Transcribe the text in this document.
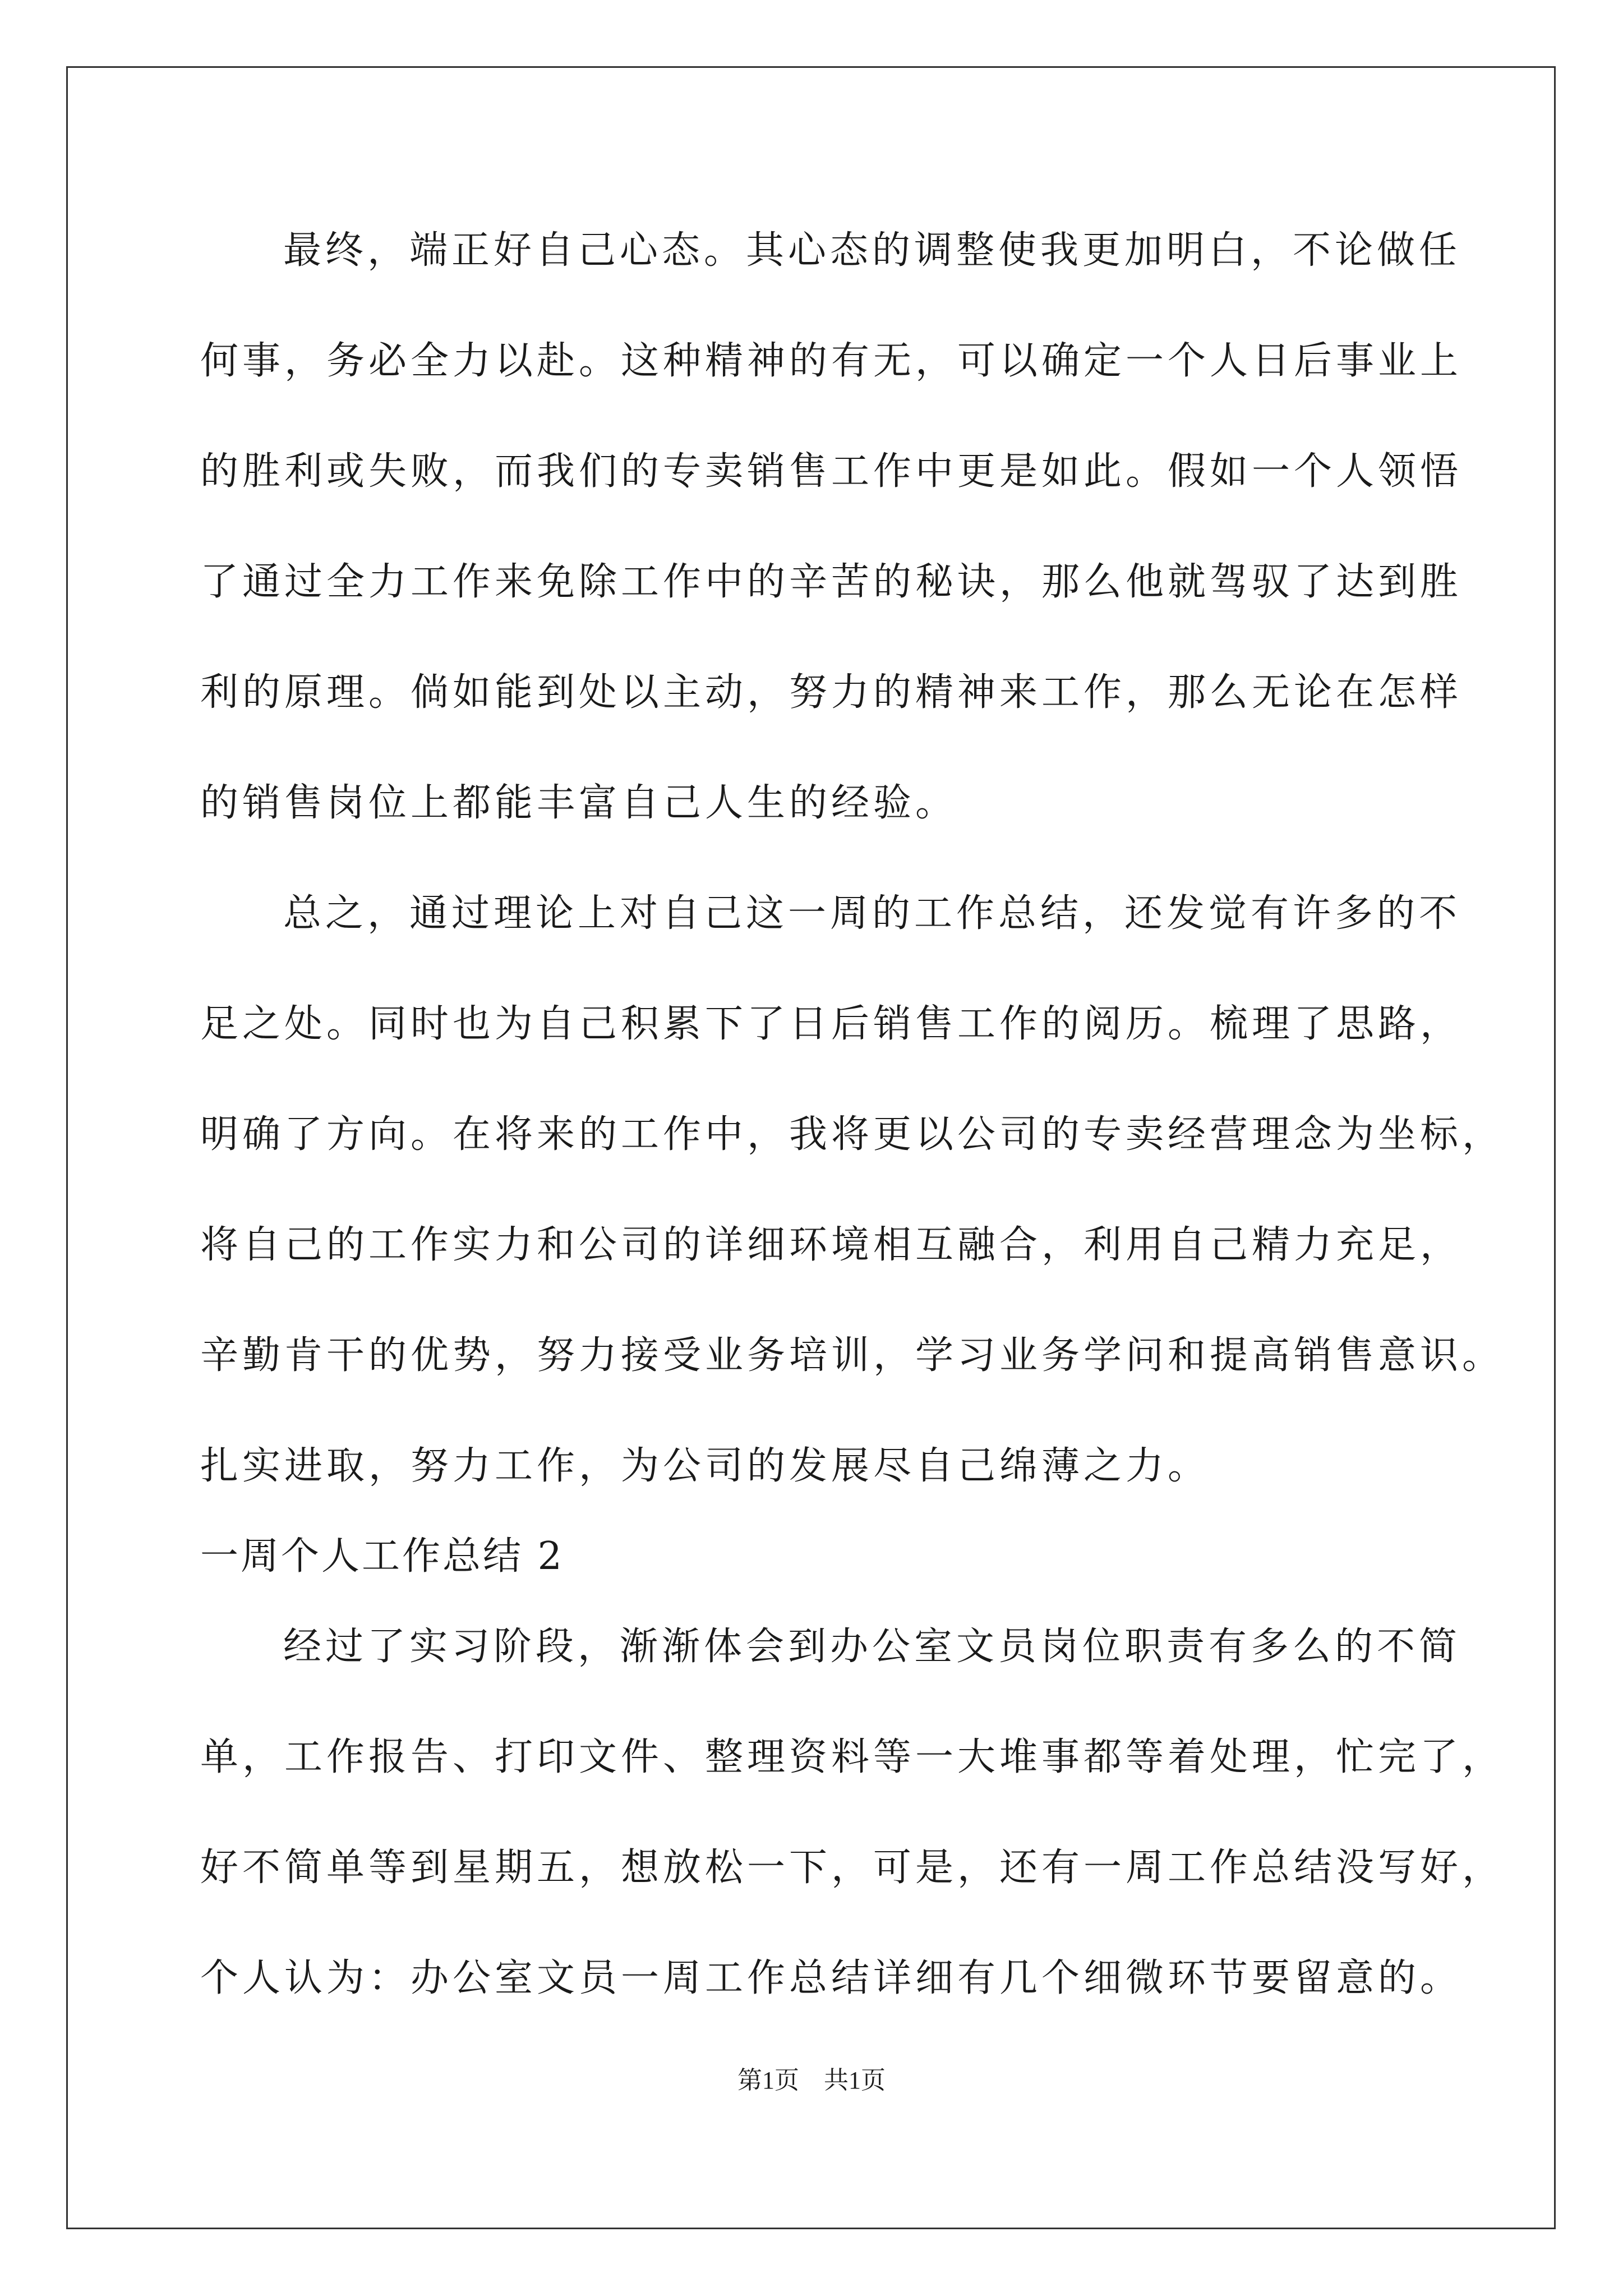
最终，端正好自己心态。其心态的调整使我更加明白，不论做任
何事，务必全力以赴。这种精神的有无，可以确定一个人日后事业上
的胜利或失败，而我们的专卖销售工作中更是如此。假如一个人领悟
了通过全力工作来免除工作中的辛苦的秘诀，那么他就驾驭了达到胜
利的原理。倘如能到处以主动，努力的精神来工作，那么无论在怎样
的销售岗位上都能丰富自己人生的经验。
总之，通过理论上对自己这一周的工作总结，还发觉有许多的不
足之处。同时也为自己积累下了日后销售工作的阅历。梳理了思路，
明确了方向。在将来的工作中，我将更以公司的专卖经营理念为坐标，
将自己的工作实力和公司的详细环境相互融合，利用自己精力充足，
辛勤肯干的优势，努力接受业务培训，学习业务学问和提高销售意识。
扎实进取，努力工作，为公司的发展尽自己绵薄之力。
一周个人工作总结 2
经过了实习阶段，渐渐体会到办公室文员岗位职责有多么的不简
单，工作报告、打印文件、整理资料等一大堆事都等着处理，忙完了，
好不简单等到星期五，想放松一下，可是，还有一周工作总结没写好，
个人认为：办公室文员一周工作总结详细有几个细微环节要留意的。
第1页　共1页
